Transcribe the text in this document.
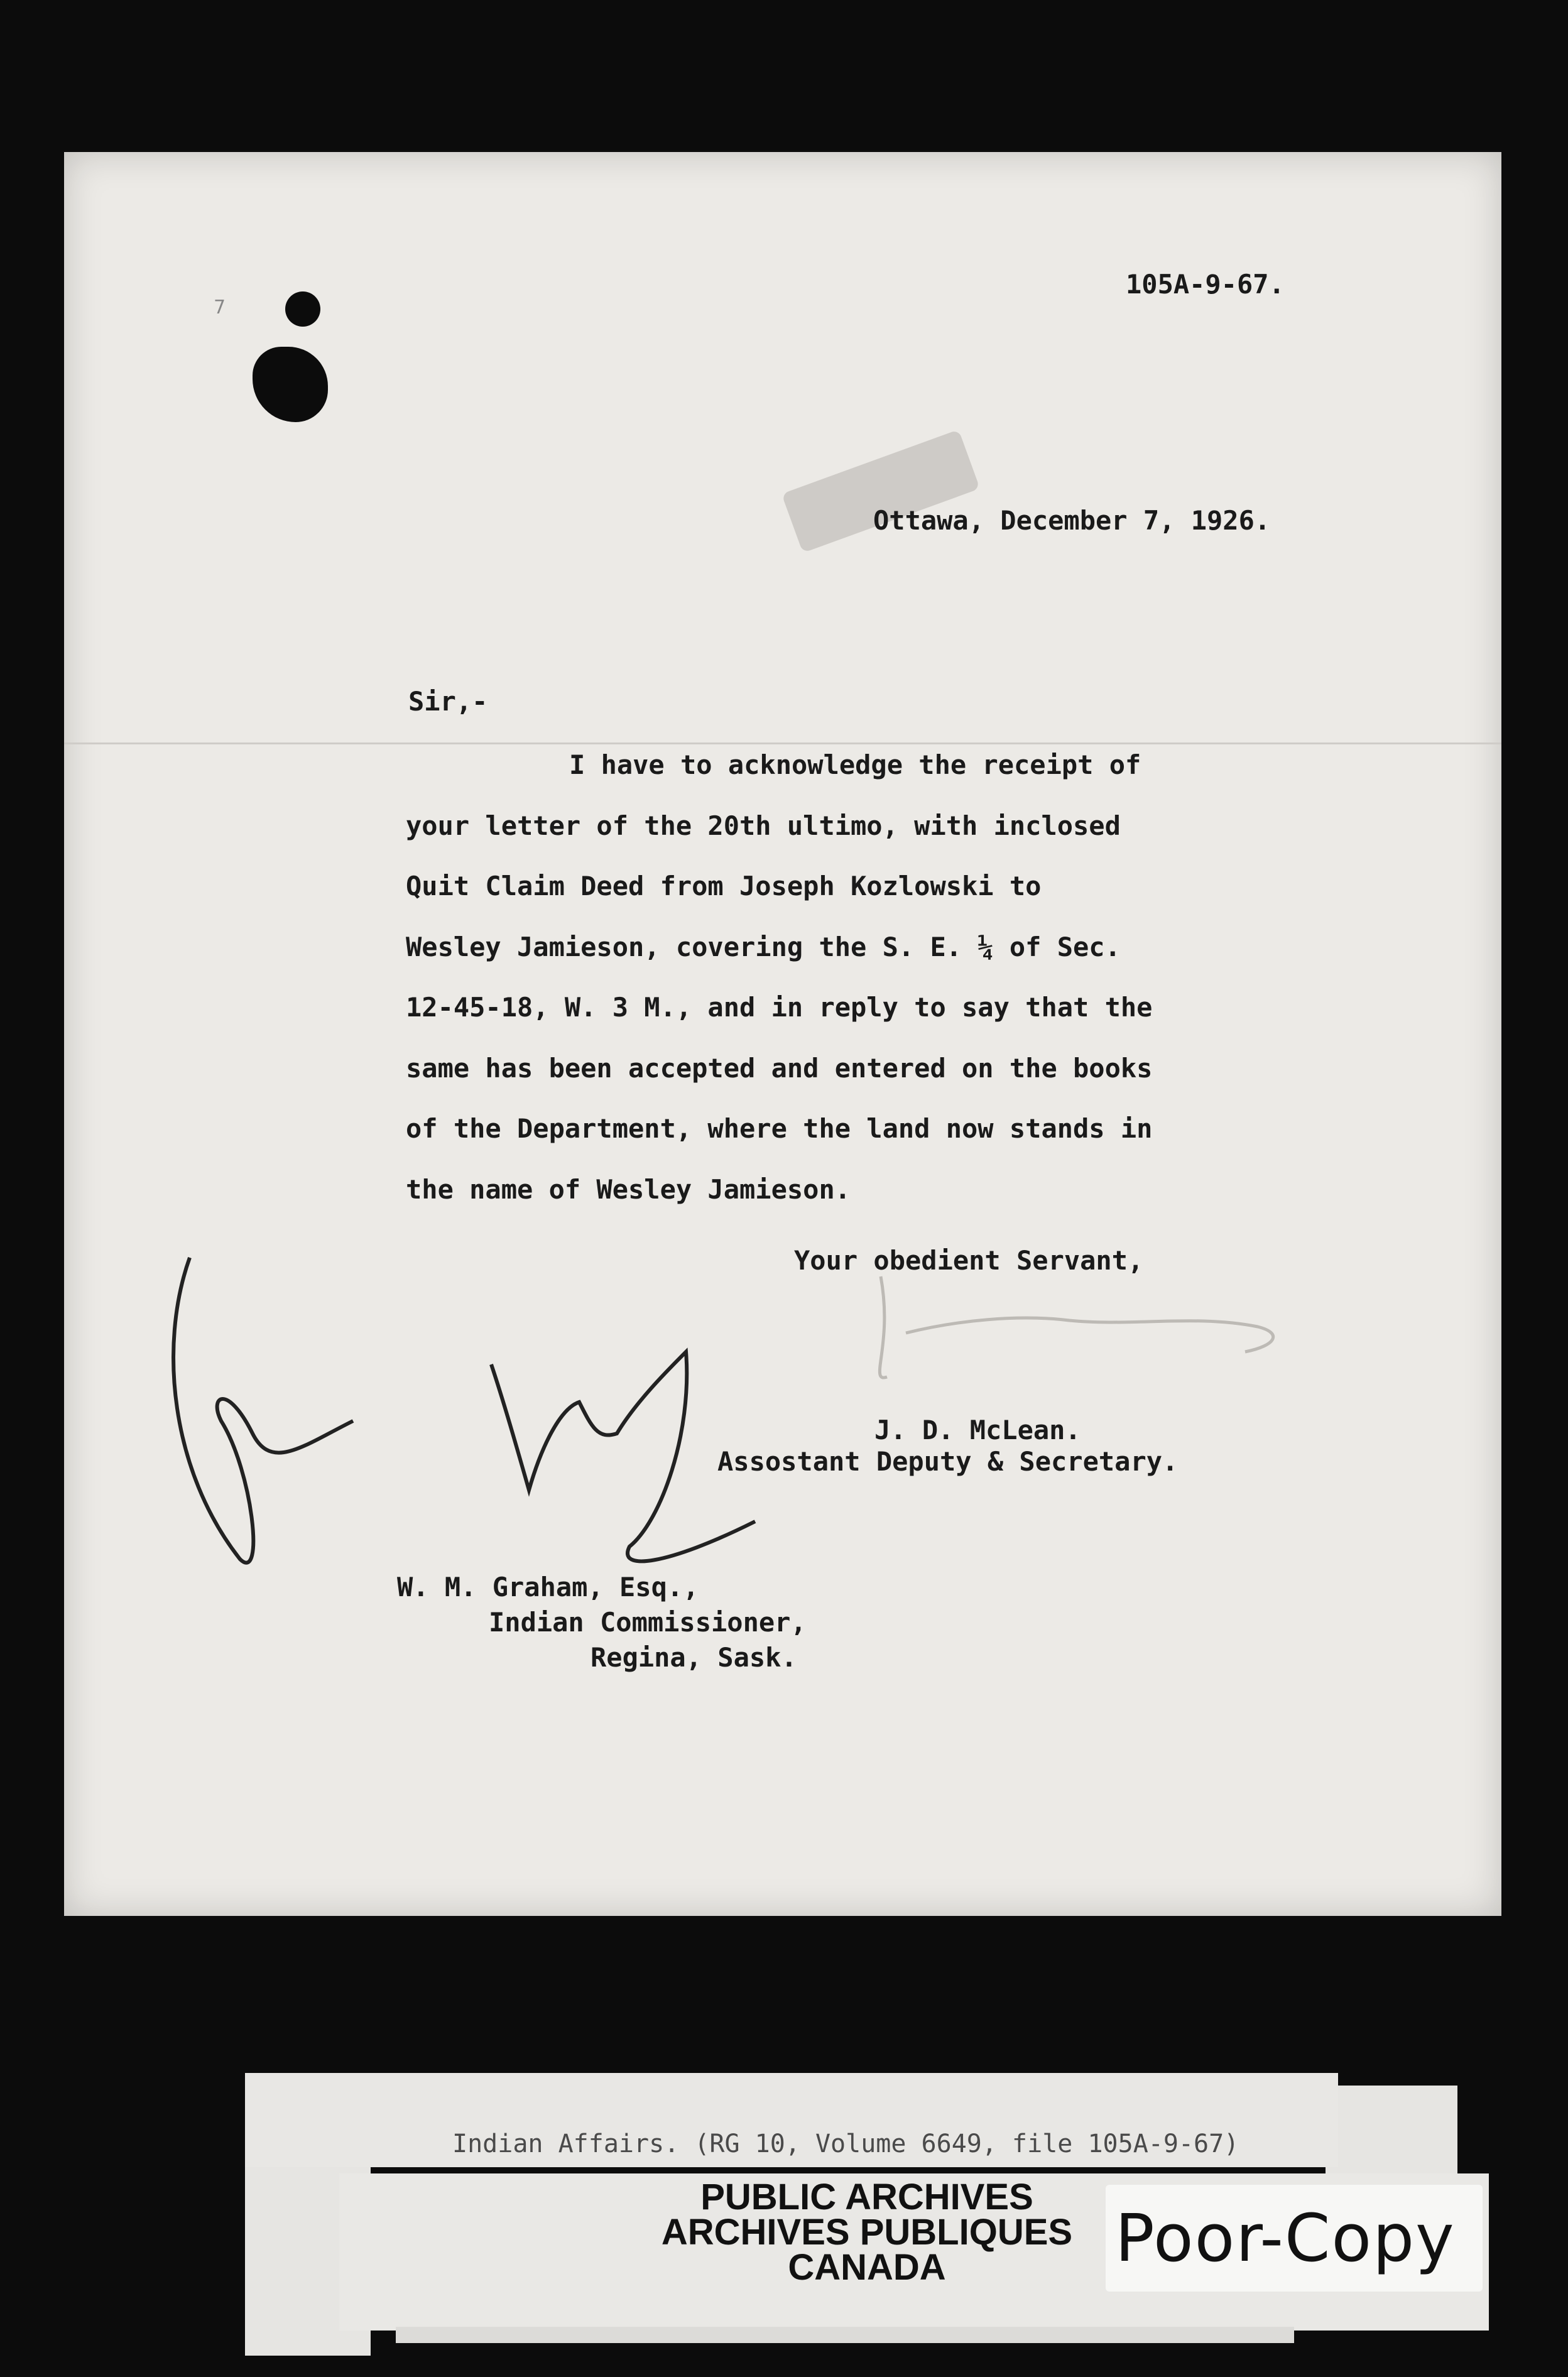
7
105A-9-67.
Ottawa, December 7, 1926.
Sir,-
I have to acknowledge the receipt of
your letter of the 20th ultimo, with inclosed
Quit Claim Deed from Joseph Kozlowski to
Wesley Jamieson, covering the S. E. ¼ of Sec.
12-45-18, W. 3 M., and in reply to say that the
same has been accepted and entered on the books
of the Department, where the land now stands in
the name of Wesley Jamieson.
Your obedient Servant,
J. D. McLean.
Assostant Deputy & Secretary.
W. M. Graham, Esq.,
Indian Commissioner,
Regina, Sask.
Indian Affairs. (RG 10, Volume 6649, file 105A-9-67)
PUBLIC ARCHIVES
ARCHIVES PUBLIQUES
CANADA	Poor-Copy
